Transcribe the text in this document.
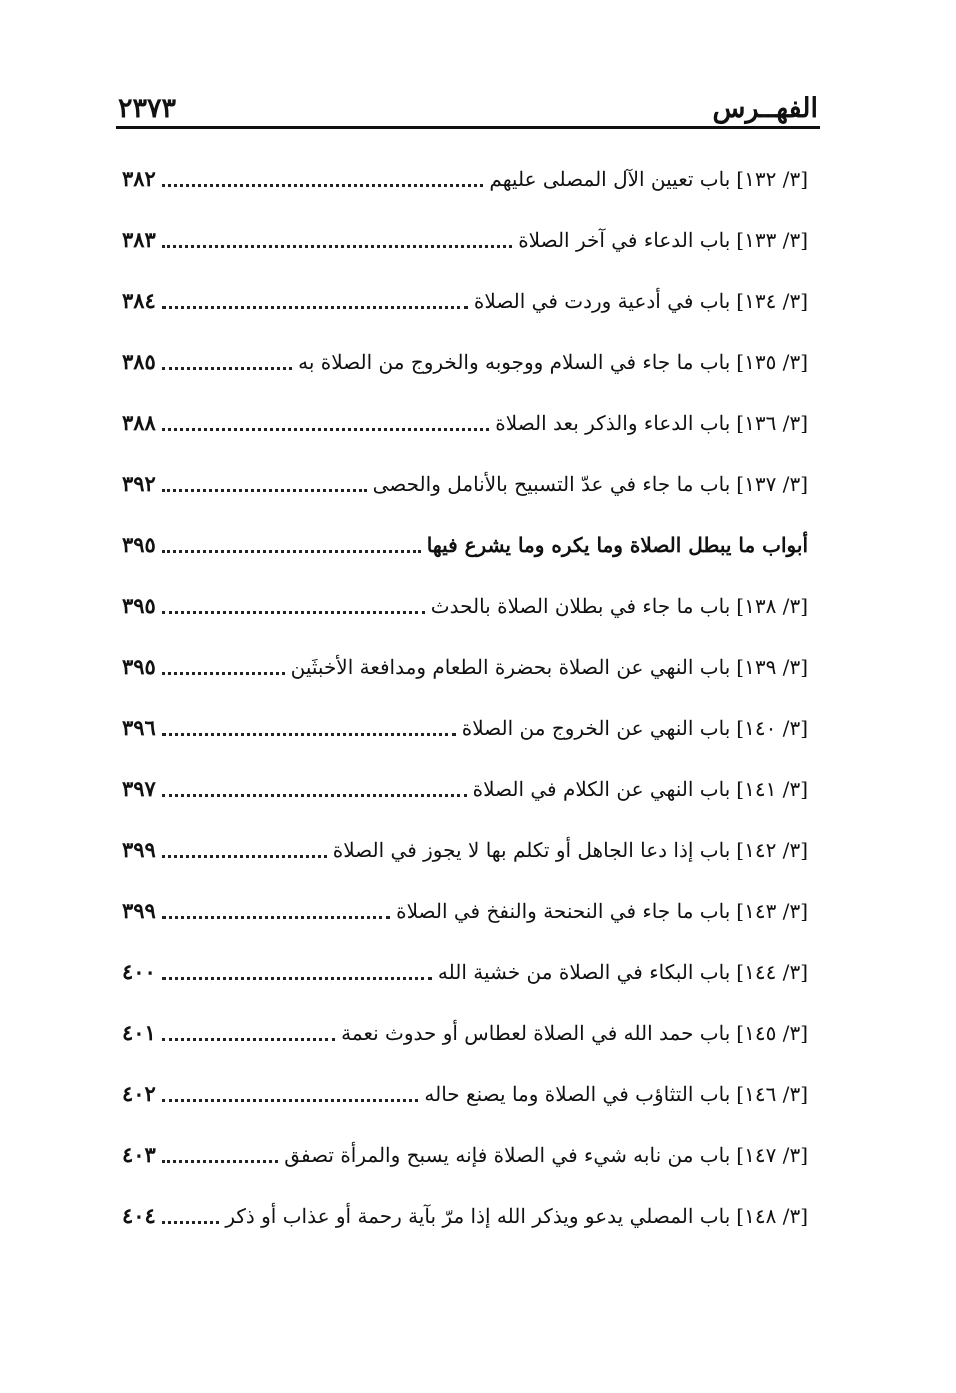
الفهــرس
٢٣٧٣
[٣/ ١٣٢]
باب تعيين الآل المصلى عليهم
٣٨٢
[٣/ ١٣٣]
باب الدعاء في آخر الصلاة
٣٨٣
[٣/ ١٣٤]
باب في أدعية وردت في الصلاة
٣٨٤
[٣/ ١٣٥]
باب ما جاء في السلام ووجوبه والخروج من الصلاة به
٣٨٥
[٣/ ١٣٦]
باب الدعاء والذكر بعد الصلاة
٣٨٨
[٣/ ١٣٧]
باب ما جاء في عدّ التسبيح بالأنامل والحصى
٣٩٢
أبواب ما يبطل الصلاة وما يكره وما يشرع فيها
٣٩٥
[٣/ ١٣٨]
باب ما جاء في بطلان الصلاة بالحدث
٣٩٥
[٣/ ١٣٩]
باب النهي عن الصلاة بحضرة الطعام ومدافعة الأخبثَين
٣٩٥
[٣/ ١٤٠]
باب النهي عن الخروج من الصلاة
٣٩٦
[٣/ ١٤١]
باب النهي عن الكلام في الصلاة
٣٩٧
[٣/ ١٤٢]
باب إذا دعا الجاهل أو تكلم بها لا يجوز في الصلاة
٣٩٩
[٣/ ١٤٣]
باب ما جاء في النحنحة والنفخ في الصلاة
٣٩٩
[٣/ ١٤٤]
باب البكاء في الصلاة من خشية الله
٤٠٠
[٣/ ١٤٥]
باب حمد الله في الصلاة لعطاس أو حدوث نعمة
٤٠١
[٣/ ١٤٦]
باب التثاؤب في الصلاة وما يصنع حاله
٤٠٢
[٣/ ١٤٧]
باب من نابه شيء في الصلاة فإنه يسبح والمرأة تصفق
٤٠٣
[٣/ ١٤٨]
باب المصلي يدعو ويذكر الله إذا مرّ بآية رحمة أو عذاب أو ذكر
٤٠٤
